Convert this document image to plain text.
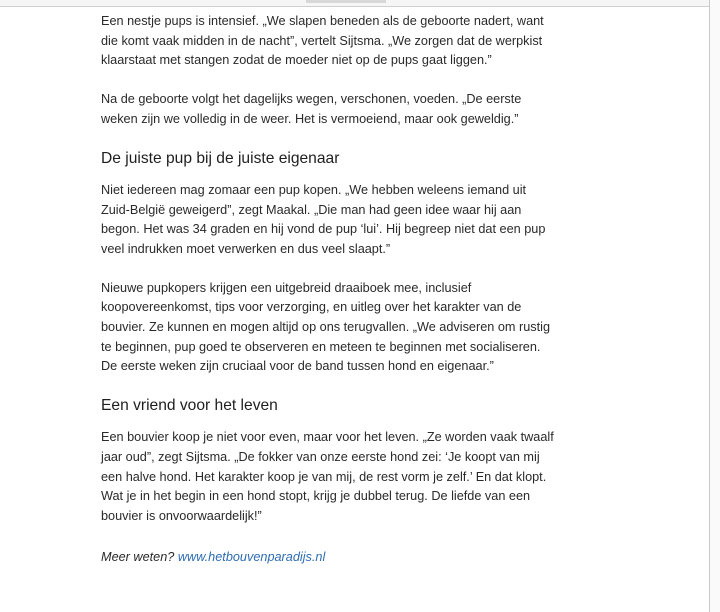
Een nestje pups is intensief. „We slapen beneden als de geboorte nadert, want die komt vaak midden in de nacht”, vertelt Sijtsma. „We zorgen dat de werpkist klaarstaat met stangen zodat de moeder niet op de pups gaat liggen.”

Na de geboorte volgt het dagelijks wegen, verschonen, voeden. „De eerste weken zijn we volledig in de weer. Het is vermoeiend, maar ook geweldig.”

De juiste pup bij de juiste eigenaar

Niet iedereen mag zomaar een pup kopen. „We hebben weleens iemand uit Zuid-België geweigerd”, zegt Maakal. „Die man had geen idee waar hij aan begon. Het was 34 graden en hij vond de pup ‘lui’. Hij begreep niet dat een pup veel indrukken moet verwerken en dus veel slaapt.”

Nieuwe pupkopers krijgen een uitgebreid draaiboek mee, inclusief koopovereenkomst, tips voor verzorging, en uitleg over het karakter van de bouvier. Ze kunnen en mogen altijd op ons terugvallen. „We adviseren om rustig te beginnen, pup goed te observeren en meteen te beginnen met socialiseren. De eerste weken zijn cruciaal voor de band tussen hond en eigenaar.”

Een vriend voor het leven

Een bouvier koop je niet voor even, maar voor het leven. „Ze worden vaak twaalf jaar oud”, zegt Sijtsma. „De fokker van onze eerste hond zei: ‘Je koopt van mij een halve hond. Het karakter koop je van mij, de rest vorm je zelf.’ En dat klopt. Wat je in het begin in een hond stopt, krijg je dubbel terug. De liefde van een bouvier is onvoorwaardelijk!”

Meer weten? www.hetbouvenparadijs.nl
